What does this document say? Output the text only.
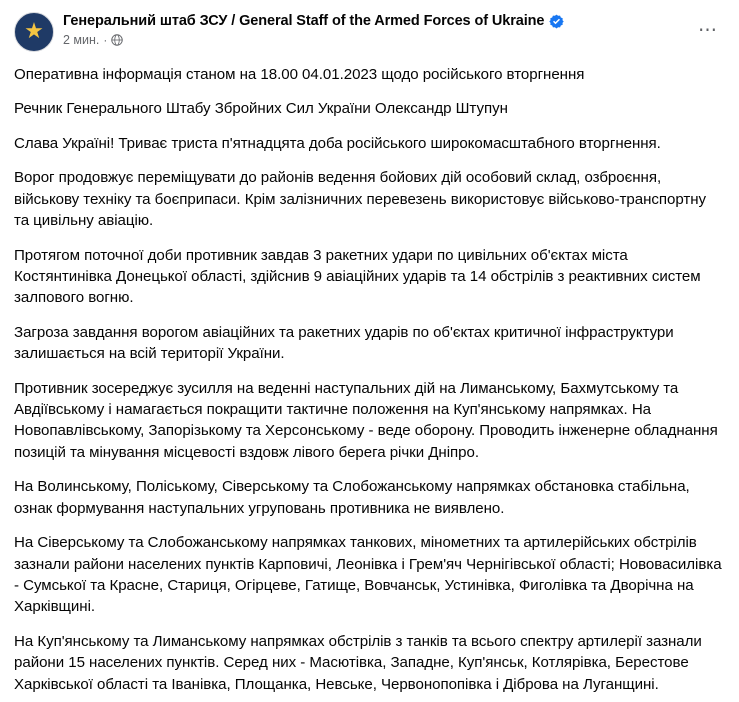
★ Генеральний штаб ЗСУ / General Staff of the Armed Forces of Ukraine
2 мин. ·	⋯

Оперативна інформація станом на 18.00 04.01.2023 щодо російського вторгнення

Речник Генерального Штабу Збройних Сил України Олександр Штупун

Слава Україні! Триває триста п'ятнадцята доба російського широкомасштабного вторгнення.

Ворог продовжує переміщувати до районів ведення бойових дій особовий склад, озброєння, військову техніку та боєприпаси. Крім залізничних перевезень використовує військово-транспортну та цивільну авіацію.

Протягом поточної доби противник завдав 3 ракетних удари по цивільних об'єктах міста Костянтинівка Донецької області, здійснив 9 авіаційних ударів та 14 обстрілів з реактивних систем залпового вогню.

Загроза завдання ворогом авіаційних та ракетних ударів по об'єктах критичної інфраструктури залишається на всій території України.

Противник зосереджує зусилля на веденні наступальних дій на Лиманському, Бахмутському та Авдіївському і намагається покращити тактичне положення на Куп'янському напрямках. На Новопавлівському, Запорізькому та Херсонському - веде оборону. Проводить інженерне обладнання позицій та мінування місцевості вздовж лівого берега річки Дніпро.

На Волинському, Поліському, Сіверському та Слобожанському напрямках обстановка стабільна, ознак формування наступальних угруповань противника не виявлено.

На Сіверському та Слобожанському напрямках танкових, мінометних та артилерійських обстрілів зазнали райони населених пунктів Карповичі, Леонівка і Грем'яч Чернігівської області; Нововасилівка - Сумської та Красне, Стариця, Огірцеве, Гатище, Вовчанськ, Устинівка, Фиголівка та Дворічна на Харківщині.

На Куп'янському та Лиманському напрямках обстрілів з танків та всього спектру артилерії зазнали райони 15 населених пунктів. Серед них - Масютівка, Западне, Куп'янськ, Котлярівка, Берестове Харківської області та Іванівка, Площанка, Невське, Червонопопівка і Діброва на Луганщині.
